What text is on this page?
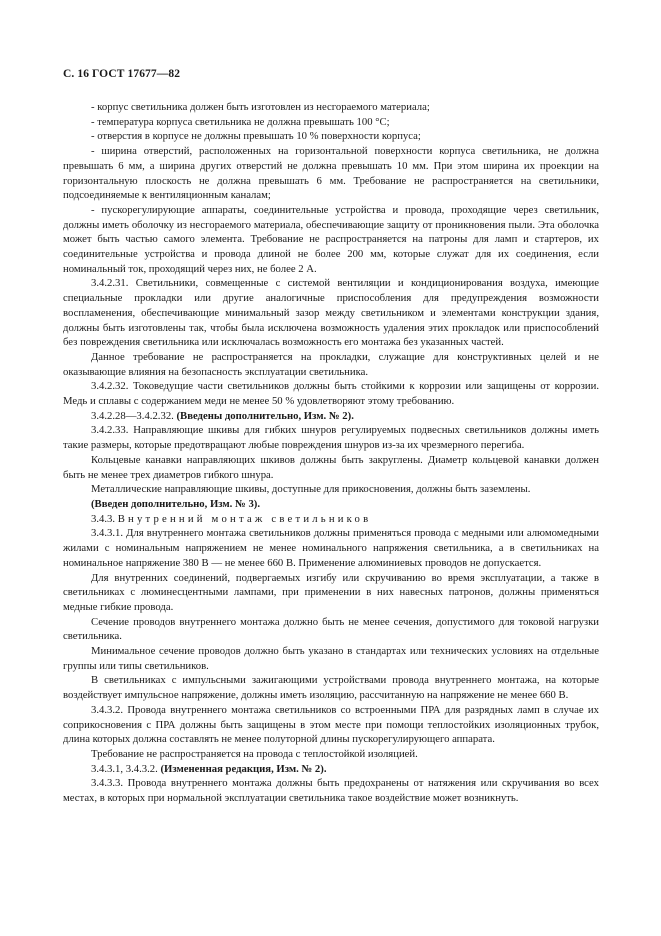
С. 16 ГОСТ 17677—82

- корпус светильника должен быть изготовлен из несгораемого материала;

- температура корпуса светильника не должна превышать 100 °С;

- отверстия в корпусе не должны превышать 10 % поверхности корпуса;

- ширина отверстий, расположенных на горизонтальной поверхности корпуса светильника, не должна превышать 6 мм, а ширина других отверстий не должна превышать 10 мм. При этом ширина их проекции на горизонтальную плоскость не должна превышать 6 мм. Требование не распространяется на светильники, подсоединяемые к вентиляционным каналам;

- пускорегулирующие аппараты, соединительные устройства и провода, проходящие через светильник, должны иметь оболочку из несгораемого материала, обеспечивающие защиту от проникновения пыли. Эта оболочка может быть частью самого элемента. Требование не распространяется на патроны для ламп и стартеров, их соединительные устройства и провода длиной не более 200 мм, которые служат для их соединения, если номинальный ток, проходящий через них, не более 2 А.

3.4.2.31. Светильники, совмещенные с системой вентиляции и кондиционирования воздуха, имеющие специальные прокладки или другие аналогичные приспособления для предупреждения возможности воспламенения, обеспечивающие минимальный зазор между светильником и элементами конструкции здания, должны быть изготовлены так, чтобы была исключена возможность удаления этих прокладок или приспособлений без повреждения светильника или исключалась возможность его монтажа без указанных частей.

Данное требование не распространяется на прокладки, служащие для конструктивных целей и не оказывающие влияния на безопасность эксплуатации светильника.

3.4.2.32. Токоведущие части светильников должны быть стойкими к коррозии или защищены от коррозии. Медь и сплавы с содержанием меди не менее 50 % удовлетворяют этому требованию.

3.4.2.28—3.4.2.32. (Введены дополнительно, Изм. № 2).

3.4.2.33. Направляющие шкивы для гибких шнуров регулируемых подвесных светильников должны иметь такие размеры, которые предотвращают любые повреждения шнуров из-за их чрезмерного перегиба.

Кольцевые канавки направляющих шкивов должны быть закруглены. Диаметр кольцевой канавки должен быть не менее трех диаметров гибкого шнура.

Металлические направляющие шкивы, доступные для прикосновения, должны быть заземлены.

(Введен дополнительно, Изм. № 3).

3.4.3. Внутренний монтаж светильников

3.4.3.1. Для внутреннего монтажа светильников должны применяться провода с медными или алюмомедными жилами с номинальным напряжением не менее номинального напряжения светильника, а в светильниках на номинальное напряжение 380 В — не менее 660 В. Применение алюминиевых проводов не допускается.

Для внутренних соединений, подвергаемых изгибу или скручиванию во время эксплуатации, а также в светильниках с люминесцентными лампами, при применении в них навесных патронов, должны применяться медные гибкие провода.

Сечение проводов внутреннего монтажа должно быть не менее сечения, допустимого для токовой нагрузки светильника.

Минимальное сечение проводов должно быть указано в стандартах или технических условиях на отдельные группы или типы светильников.

В светильниках с импульсными зажигающими устройствами провода внутреннего монтажа, на которые воздействует импульсное напряжение, должны иметь изоляцию, рассчитанную на напряжение не менее 660 В.

3.4.3.2. Провода внутреннего монтажа светильников со встроенными ПРА для разрядных ламп в случае их соприкосновения с ПРА должны быть защищены в этом месте при помощи теплостойких изоляционных трубок, длина которых должна составлять не менее полуторной длины пускорегулирующего аппарата.

Требование не распространяется на провода с теплостойкой изоляцией.

3.4.3.1, 3.4.3.2. (Измененная редакция, Изм. № 2).

3.4.3.3. Провода внутреннего монтажа должны быть предохранены от натяжения или скручивания во всех местах, в которых при нормальной эксплуатации светильника такое воздействие может возникнуть.
